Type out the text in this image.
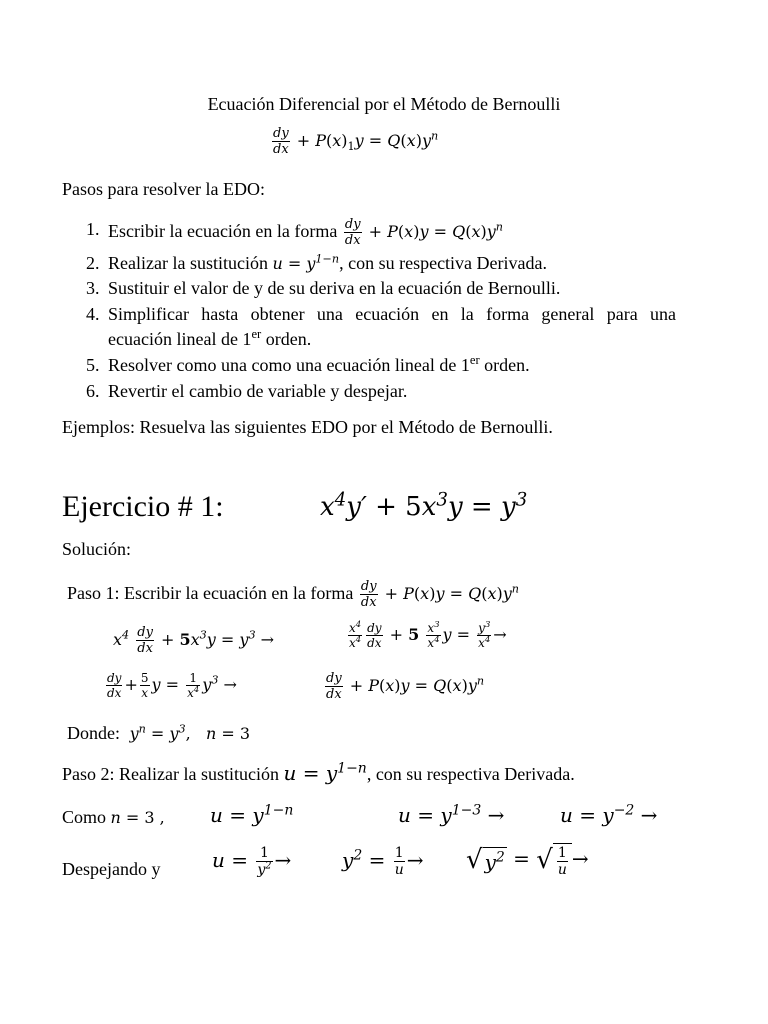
Ecuación Diferencial por el Método de Bernoulli
$\frac{dy}{dx} + P(x)_1y = Q(x)y^n$
Pasos para resolver la EDO:
1. Escribir la ecuación en la forma $\frac{dy}{dx} + P(x)y = Q(x)y^n$
2. Realizar la sustitución $u = y^{1-n}$, con su respectiva Derivada.
3. Sustituir el valor de y de su deriva en la ecuación de Bernoulli.
4. Simplificar hasta obtener una ecuación en la forma general para una
ecuación lineal de 1er orden.
5. Resolver como una como una ecuación lineal de 1er orden.
6. Revertir el cambio de variable y despejar.
Ejemplos: Resuelva las siguientes EDO por el Método de Bernoulli.
Ejercicio # 1:	$x^4y' + 5x^3y = y^3$
Solución:
Paso 1: Escribir la ecuación en la forma $\frac{dy}{dx} + P(x)y = Q(x)y^n$
$x^4 \frac{dy}{dx} + 5x^3y = y^3$ →	$\frac{x^4}{x^4} \frac{dy}{dx} + 5 \frac{x^3}{x^4}$ $y = \frac{y^3}{x^4}$ →
$\frac{dy}{dx} + \frac{5}{x}$ $y = \frac{1}{x^4} y^3$ →	$\frac{dy}{dx} + P(x)y = Q(x)y^n$
Donde:  $y^n = y^3$,   n = 3
Paso 2: Realizar la sustitución $u = y^{1-n}$, con su respectiva Derivada.
Como n = 3 , $u = y^{1-n}$	$u = y^{1-3}$ →	$u = y^{-2}$ →
Despejando y	$u = \frac{1}{y^2}$ →	$y^2 = \frac{1}{u}$ → √ $y^2$ = √ $\frac{1}{u}$ →
